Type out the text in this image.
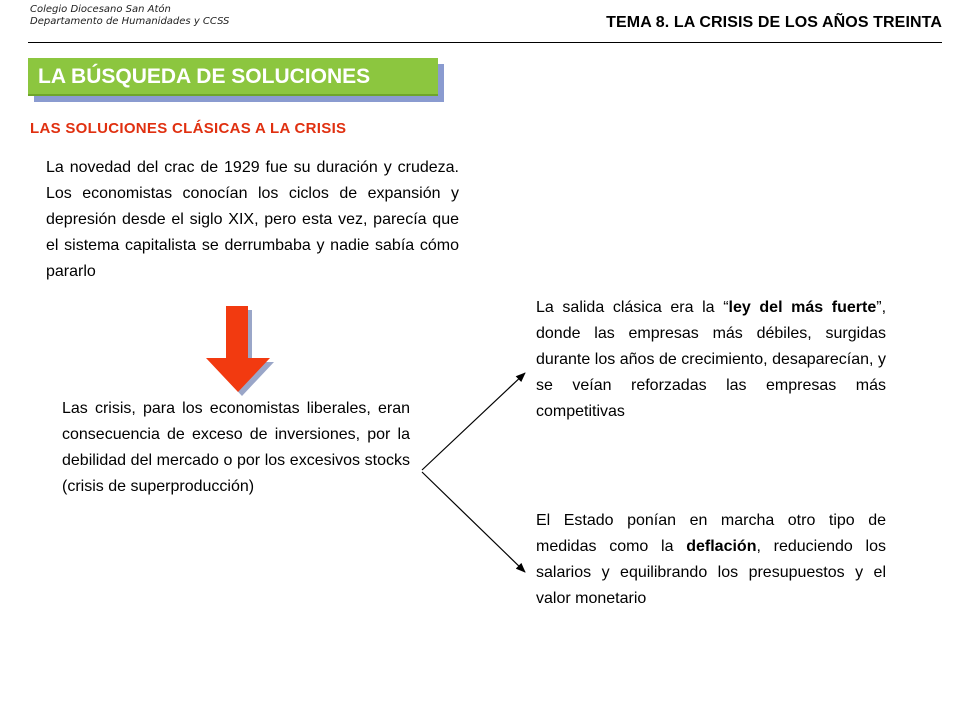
Colegio Diocesano San Atón
Departamento de Humanidades y CCSS	TEMA 8. LA CRISIS DE LOS AÑOS TREINTA
LA BÚSQUEDA DE SOLUCIONES
LAS SOLUCIONES CLÁSICAS A LA CRISIS
La novedad del crac de 1929 fue su duración y crudeza. Los economistas conocían los ciclos de expansión y depresión desde el siglo XIX, pero esta vez, parecía que el sistema capitalista se derrumbaba y nadie sabía cómo pararlo
Las crisis, para los economistas liberales, eran consecuencia de exceso de inversiones, por la debilidad del mercado o por los excesivos stocks (crisis de superproducción)
La salida clásica era la “ley del más fuerte”, donde las empresas más débiles, surgidas durante los años de crecimiento, desaparecían, y se veían reforzadas las empresas más competitivas
El Estado ponían en marcha otro tipo de medidas como la deflación, reduciendo los salarios y equilibrando los presupuestos y el valor monetario
